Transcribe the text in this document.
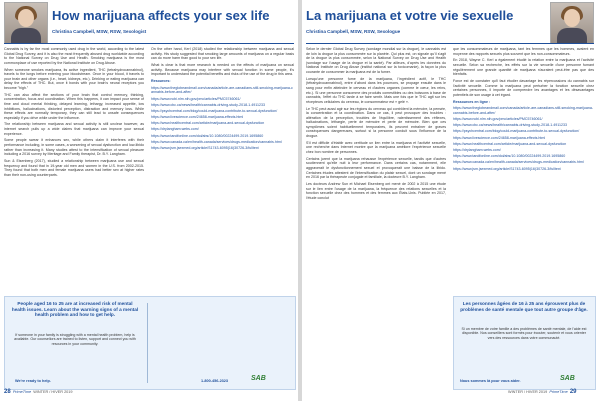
How marijuana affects your sex life
Christina Campbell, MSW, RSW, Sexologist

Cannabis is by far the most commonly used drug in the world, according to the latest Global Drug Survey, and it is also the most frequently abused drug worldwide according to the National Survey on Drug Use and Health. Smoking marijuana is the most commonplace of use reported by the National Institute on Drug Abuse.

When someone smokes marijuana, its active ingredient, THC (tetrahydrocannabinol), travels to the lungs before entering your bloodstream. Once in your blood, it travels to your brain and other organs (i.e., heart, kidneys, etc.). Drinking or eating marijuana can delay the effects of THC. But, once it bonds with your brain's neural receptors you become "high."

THC can also affect the sections of your brain that control memory, thinking, concentration, focus and coordination. When this happens, it can impact your sense of time and cloud mental thinking, delayed learning, lethargy, increased appetite, low inhibitions, hallucinations, distorted perception, distraction and memory loss. While these effects are normally temporary, they can still lead to unsafe consequences especially if you drive while under the influence.

The relationship between marijuana and sexual activity is still unclear however, as internet search pulls up a wide claims that marijuana can improve your sexual experience.

Some people swear it enhances sex, while others claim it interferes with their performance including, in some cases, a worsening of sexual dysfunction and low-libido rather than increasing it. Many studies attest to the intensification of sexual pleasure including a 2016 survey by Meritage and Family therapist, Dr. B.Y. Langham.

Sun & Eisenberg (2017), studied a relationship between marijuana use and sexual frequency and found that in 19-year old men and women in the U.S. from 2002-2015. They found that both men and female marijuana users had better sex at higher rates than their non-using counterparts.

On the other hand, Kerl (2018) studied the relationship between marijuana and sexual activity. His study suggested that smoking large amounts of marijuana on a regular basis can do more harm than good to your sex life.

What is clear is that more research is needed on the effects of marijuana on sexual activity. Because marijuana may interfere with sexual function in some people, it's important to understand the potential benefits and risks of the use of the drug in this area.

Resources:

https://www.theglobeandmail.com/canada/article-are-canadians-still-smoking-marijuana-cannabis-before-and-after/

https://www.ncbi.nlm.nih.gov/pmc/articles/PMC5746061/

https://www.cbc.ca/news/health/cannabis-driving-study-2018-1.4911233

https://psychcentral.com/blog/could-marijuana-contribute-to-sexual-dysfunction/

https://www.livescience.com/24658-marijuana-effects.html

https://www.healthcentral.com/article/marijuana-and-sexual-dysfunction

https://drylangham.webs.com/

https://www.tandfonline.com/doi/abs/10.1080/00224499.2019.1695860

https://www.canada.ca/en/health-canada/services/drugs-medication/cannabis.html

https://www.jsm.jsexmed.org/article/S1743-6095(16)30726-3/fulltext

People aged 16 to 25 are at increased risk of mental health issues. Learn about the warning signs of a mental health problem and how to get help.
If someone in your family is struggling with a mental health problem, help is available. Our counsellors are trained to listen, support and connect you with resources in your community.
We're ready to help.	1-800-456-2323	SAB
28 PrimeTime WINTER / HIVER 2019
La marijuana et votre vie sexuelle
Christina Campbell, MSW, RSW, Sexologue

Selon le dernier Global Drug Survey (sondage mondial sur la drogue), le cannabis est de loin la drogue la plus consommée sur la planète. Qui plus est, on signale qu'il s'agit de la drogue la plus consommée, selon la National Survey on Drug Use and Health (sondage sur l'usage de la drogue et la santé). Par ailleurs, d'après les données du National Institute on Drug Abuse (institut national sur la toxicomanie), la façon la plus courante de consommer la marijuana est de la fumer.

Lorsqu'une personne fume de la marijuana, l'ingrédient actif, le THC (tétrahydrocannabinol), entre d'abord dans les poumons, se propage ensuite dans le sang pour enfin atteindre le cerveau et d'autres organes (comme le cœur, les reins, etc.). Si une personne consomme des produits comestibles ou des boissons à base de cannabis, l'effet du THC tarde à se faire sentir. Mais une fois que le THC agit sur les récepteurs cellulaires du cerveau, le consommateur est « gelé ».

Le THC peut aussi agir sur les régions du cerveau qui contrôlent la mémoire, la pensée, la concentration et la coordination. Dans ce cas, il peut provoquer des troubles : altération de la perception, troubles de l'équilibre, ralentissement des réflexes, hallucinations, léthargie, perte de mémoire et perte de mémoire. Bien que ces symptômes soient habituellement temporaires, ils peuvent entraîner de graves conséquences dangereuses, surtout si la personne conduit sous l'influence de la drogue.

S'il est difficile d'établir avec certitude un lien entre la marijuana et l'activité sexuelle, une recherche dans Internet montre que la marijuana améliore l'expérience sexuelle chez bon nombre de personnes.

Certains jurent que la marijuana rehausse l'expérience sexuelle, tandis que d'autres soutiennent qu'elle nuit à leur performance. Dans certains cas, notamment, elle aggraverait le dysfonctionnement sexuel et provoquerait une baisse de la libido. Certaines études attestent de l'intensification du plaisir sexuel, dont un sondage mené en 2016 par la thérapeute conjugale et familiale, la docteure B.Y. Langham.

Les docteurs Andrew Sun et Michael Eisenberg ont mené de 2002 à 2015 une étude sur le lien entre l'usage de la marijuana, la fréquence des relations sexuelles et la fonction sexuelle chez des hommes et des femmes aux États-Unis. Publiée en 2017, l'étude conclut

que les consommateurs de marijuana, tant les femmes que les hommes, avaient en moyenne des rapports sexuels plus souvent que les non-consommateurs.

En 2018, Wayne C. Kerl a également étudié la relation entre la marijuana et l'activité sexuelle. Selon sa recherche, les effets sur la vie sexuelle d'une personne fumant régulièrement une grande quantité de marijuana n'auraient peut-être pas que des bienfaits.

Force est de constater qu'il faut étudier davantage les répercussions du cannabis sur l'activité sexuelle. Comme la marijuana peut perturber la fonction sexuelle chez certaines personnes, il importe de comprendre les avantages et les désavantages potentiels de son usage à cet égard.

Ressources en ligne :

https://www.theglobeandmail.com/canada/article-are-canadians-still-smoking-marijuana-cannabis-before-and-after/

https://www.ncbi.nlm.nih.gov/pmc/articles/PMC5746061/

https://www.cbc.ca/news/health/cannabis-driving-study-2018-1.4911233

https://psychcentral.com/blog/could-marijuana-contribute-to-sexual-dysfunction/

https://www.livescience.com/24658-marijuana-effects.html

https://www.healthcentral.com/article/marijuana-and-sexual-dysfunction

https://drylangham.webs.com/

https://www.tandfonline.com/doi/abs/10.1080/00224499.2019.1695860

https://www.canada.ca/en/health-canada/services/drugs-medication/cannabis.html

https://www.jsm.jsexmed.org/article/S1743-6095(16)30726-3/fulltext

Les personnes âgées de 16 à 25 ans éprouvent plus de problèmes de santé mentale que tout autre groupe d'âge.
Si un membre de votre famille a des problèmes de santé mentale, de l'aide est disponible. Nos conseillers sont formés pour écouter, soutenir et vous orienter vers des ressources dans votre communauté.
Nous sommes là pour vous aider.	SAB
WINTER / HIVER 2019 PrimeTime 29
